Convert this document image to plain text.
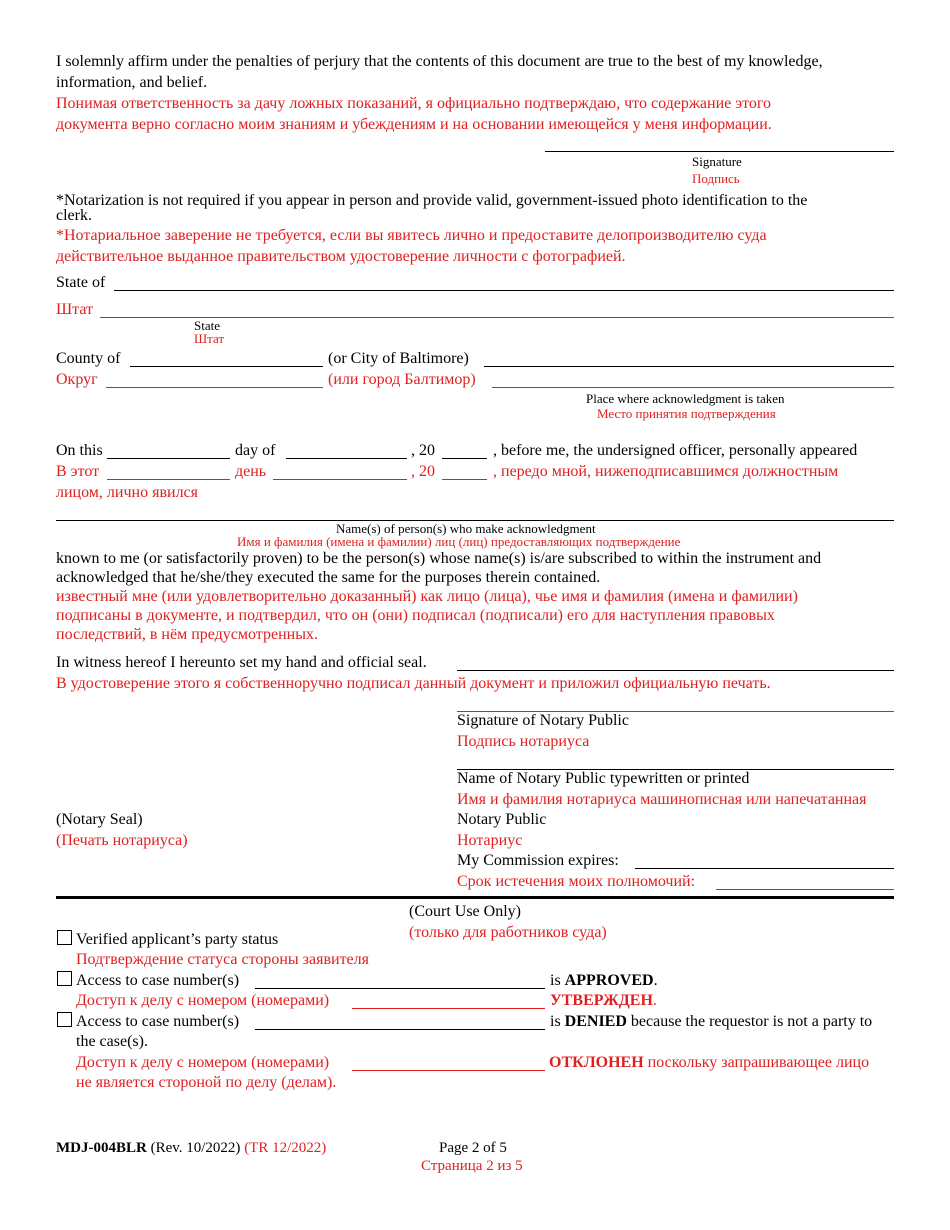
I solemnly affirm under the penalties of perjury that the contents of this document are true to the best of my knowledge,
information, and belief.
Понимая ответственность за дачу ложных показаний, я официально подтверждаю, что содержание этого
документа верно согласно моим знаниям и убеждениям и на основании имеющейся у меня информации.
Signature
Подпись
*Notarization is not required if you appear in person and provide valid, government-issued photo identification to the
clerk.
*Нотариальное заверение не требуется, если вы явитесь лично и предоставите делопроизводителю суда
действительное выданное правительством удостоверение личности с фотографией.
State of
Штат
State
Штат
County of	(or City of Baltimore)
Округ	(или город Балтимор)
Place where acknowledgment is taken
Место принятия подтверждения
On this	day of	, 20	, before me, the undersigned officer, personally appeared
В этот	день	, 20	, передо мной, нижеподписавшимся должностным
лицом, лично явился
Name(s) of person(s) who make acknowledgment
Имя и фамилия (имена и фамилии) лиц (лиц) предоставляющих подтверждение
known to me (or satisfactorily proven) to be the person(s) whose name(s) is/are subscribed to within the instrument and
acknowledged that he/she/they executed the same for the purposes therein contained.
известный мне (или удовлетворительно доказанный) как лицо (лица), чье имя и фамилия (имена и фамилии)
подписаны в документе, и подтвердил, что он (они) подписал (подписали) его для наступления правовых
последствий, в нём предусмотренных.
In witness hereof I hereunto set my hand and official seal.
В удостоверение этого я собственноручно подписал данный документ и приложил официальную печать.
Signature of Notary Public
Подпись нотариуса
Name of Notary Public typewritten or printed
Имя и фамилия нотариуса машинописная или напечатанная
(Notary Seal)
(Печать нотариуса)
Notary Public
Нотариус
My Commission expires:
Срок истечения моих полномочий:
(Court Use Only)
(только для работников суда)
Verified applicant’s party status
Подтверждение статуса стороны заявителя
Access to case number(s)	is APPROVED.
Доступ к делу с номером (номерами)	УТВЕРЖДЕН.
Access to case number(s)	is DENIED because the requestor is not a party to
the case(s).
Доступ к делу с номером (номерами)	ОТКЛОНЕН поскольку запрашивающее лицо
не является стороной по делу (делам).
MDJ-004BLR (Rev. 10/2022) (TR 12/2022)	Page 2 of 5
Страница 2 из 5
